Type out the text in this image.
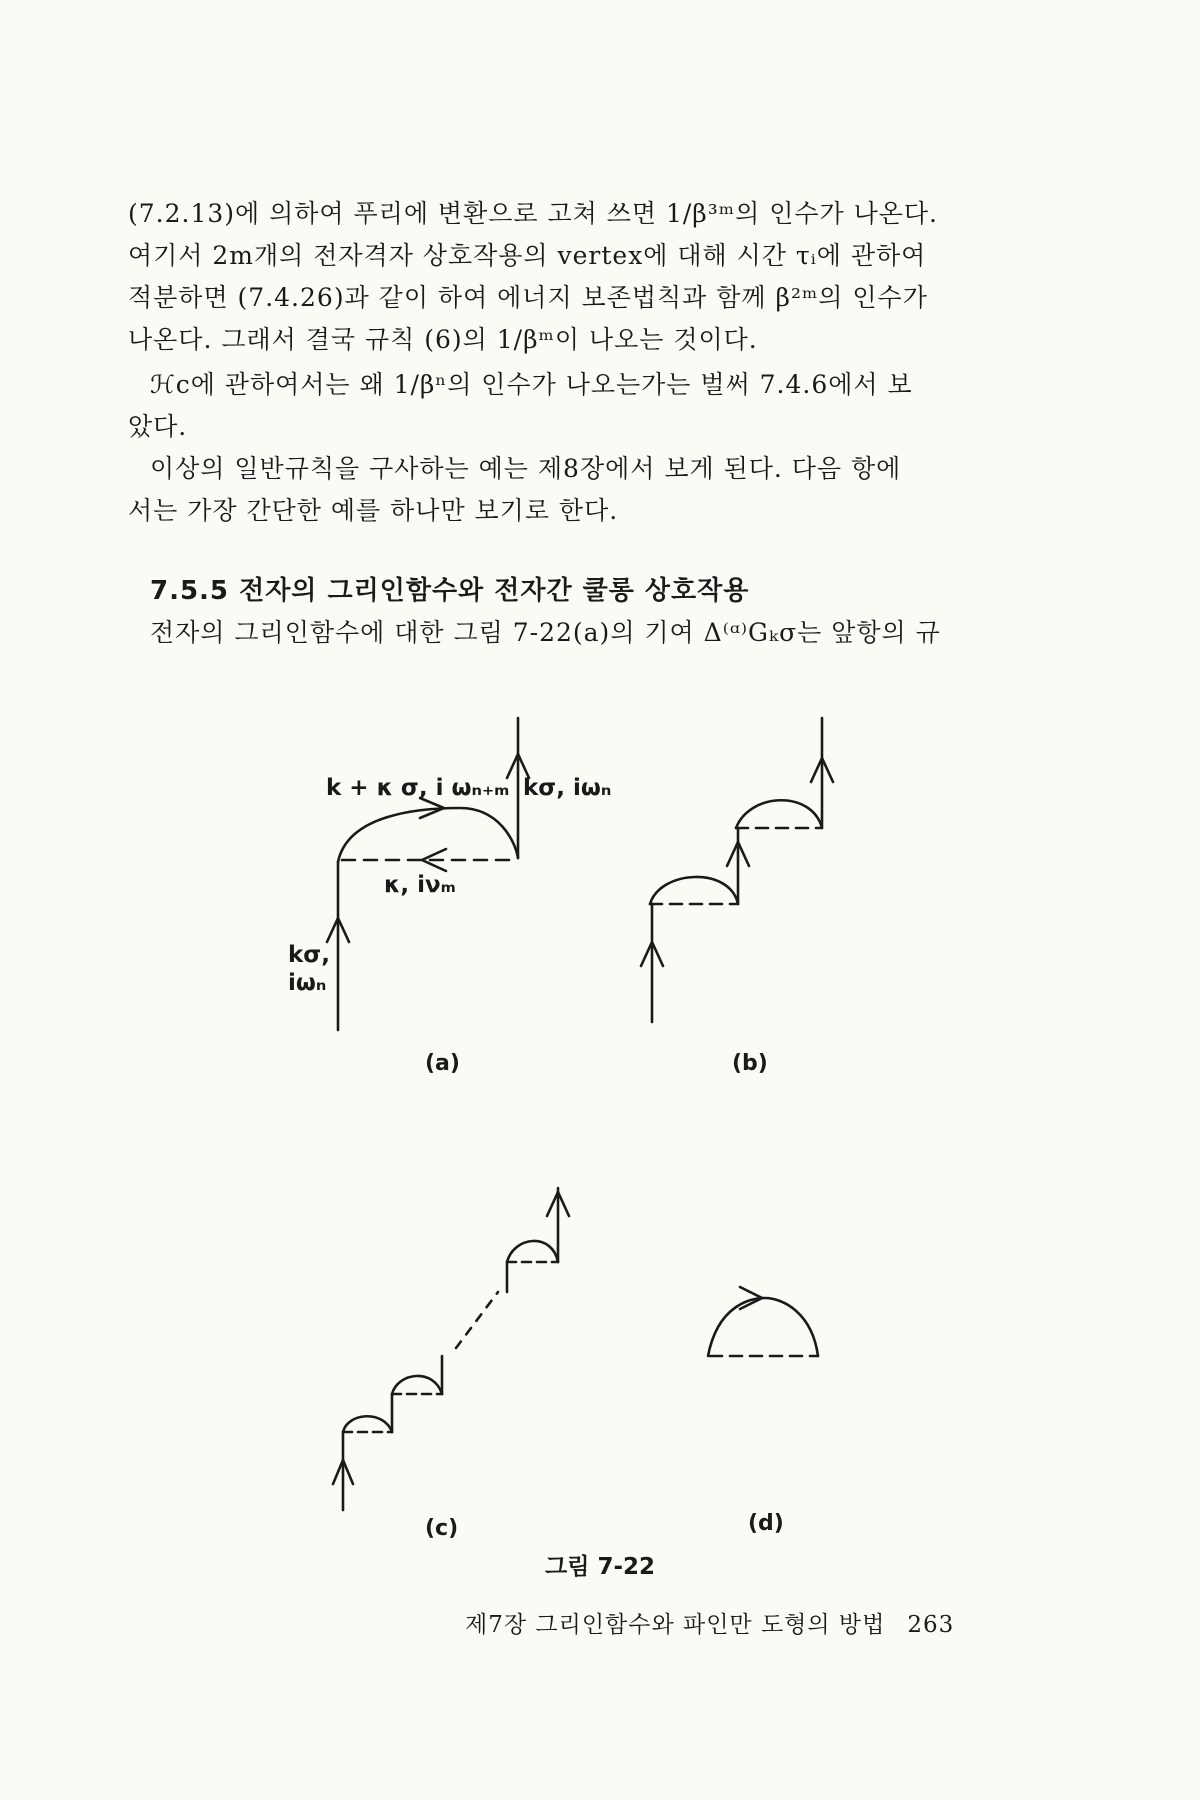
(7.2.13)에 의하여 푸리에 변환으로 고쳐 쓰면 1/β³ᵐ의 인수가 나온다.

여기서 2m개의 전자격자 상호작용의 vertex에 대해 시간 τᵢ에 관하여

적분하면 (7.4.26)과 같이 하여 에너지 보존법칙과 함께 β²ᵐ의 인수가

나온다. 그래서 결국 규칙 (6)의 1/βᵐ이 나오는 것이다.

ℋc에 관하여서는 왜 1/βⁿ의 인수가 나오는가는 벌써 7.4.6에서 보

았다.

이상의 일반규칙을 구사하는 예는 제8장에서 보게 된다. 다음 항에

서는 가장 간단한 예를 하나만 보기로 한다.

7.5.5 전자의 그리인함수와 전자간 쿨롱 상호작용

전자의 그리인함수에 대한 그림 7-22(a)의 기여 Δ⁽ᵅ⁾Gₖσ는 앞항의 규

k + κ σ, i ωₙ₊ₘ kσ, iωₙ
κ, iνₘ
kσ,
iωₙ
(a)	(b)
(c)	(d)

그림 7-22

제7장 그리인함수와 파인만 도형의 방법 263
